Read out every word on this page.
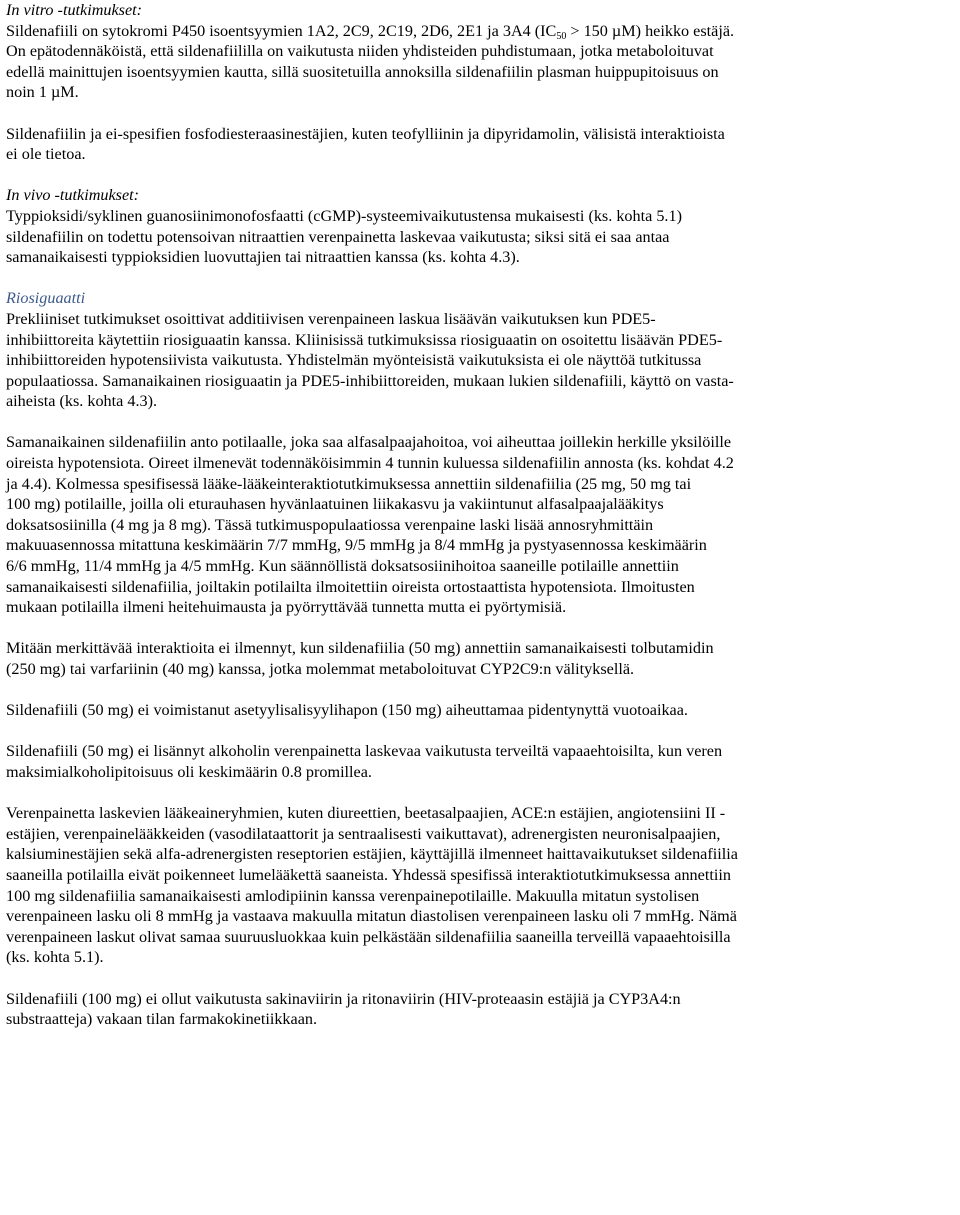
In vitro -tutkimukset:
Sildenafiili on sytokromi P450 isoentsyymien 1A2, 2C9, 2C19, 2D6, 2E1 ja 3A4 ($IC_{50} > 150$ µM) heikko estäjä.
On epätodennäköistä, että sildenafiililla on vaikutusta niiden yhdisteiden puhdistumaan, jotka metaboloituvat
edellä mainittujen isoentsyymien kautta, sillä suositetuilla annoksilla sildenafiilin plasman huippupitoisuus on
noin 1 µM.
Sildenafiilin ja ei-spesifien fosfodiesteraasinestäjien, kuten teofylliinin ja dipyridamolin, välisistä interaktioista
ei ole tietoa.
In vivo -tutkimukset:
Typpioksidi/syklinen guanosiinimonofosfaatti (cGMP)-systeemivaikutustensa mukaisesti (ks. kohta 5.1)
sildenafiilin on todettu potensoivan nitraattien verenpainetta laskevaa vaikutusta; siksi sitä ei saa antaa
samanaikaisesti typpioksidien luovuttajien tai nitraattien kanssa (ks. kohta 4.3).
Riosiguaatti
Prekliiniset tutkimukset osoittivat additiivisen verenpaineen laskua lisäävän vaikutuksen kun PDE5-
inhibiittoreita käytettiin riosiguaatin kanssa. Kliinisissä tutkimuksissa riosiguaatin on osoitettu lisäävän PDE5-
inhibiittoreiden hypotensiivista vaikutusta. Yhdistelmän myönteisistä vaikutuksista ei ole näyttöä tutkitussa
populaatiossa. Samanaikainen riosiguaatin ja PDE5-inhibiittoreiden, mukaan lukien sildenafiili, käyttö on vasta-
aiheista (ks. kohta 4.3).
Samanaikainen sildenafiilin anto potilaalle, joka saa alfasalpaajahoitoa, voi aiheuttaa joillekin herkille yksilöille
oireista hypotensiota. Oireet ilmenevät todennäköisimmin 4 tunnin kuluessa sildenafiilin annosta (ks. kohdat 4.2
ja 4.4). Kolmessa spesifisessä lääke-lääkeinteraktiotutkimuksessa annettiin sildenafiilia (25 mg, 50 mg tai
100 mg) potilaille, joilla oli eturauhasen hyvänlaatuinen liikakasvu ja vakiintunut alfasalpaajalääkitys
doksatsosiinilla (4 mg ja 8 mg). Tässä tutkimuspopulaatiossa verenpaine laski lisää annosryhmittäin
makuuasennossa mitattuna keskimäärin 7/7 mmHg, 9/5 mmHg ja 8/4 mmHg ja pystyasennossa keskimäärin
6/6 mmHg, 11/4 mmHg ja 4/5 mmHg. Kun säännöllistä doksatsosiinihoitoa saaneille potilaille annettiin
samanaikaisesti sildenafiilia, joiltakin potilailta ilmoitettiin oireista ortostaattista hypotensiota. Ilmoitusten
mukaan potilailla ilmeni heitehuimausta ja pyörryttävää tunnetta mutta ei pyörtymisiä.
Mitään merkittävää interaktioita ei ilmennyt, kun sildenafiilia (50 mg) annettiin samanaikaisesti tolbutamidin
(250 mg) tai varfariinin (40 mg) kanssa, jotka molemmat metaboloituvat CYP2C9:n välityksellä.
Sildenafiili (50 mg) ei voimistanut asetyylisalisyylihapon (150 mg) aiheuttamaa pidentynyttä vuotoaikaa.
Sildenafiili (50 mg) ei lisännyt alkoholin verenpainetta laskevaa vaikutusta terveiltä vapaaehtoisilta, kun veren
maksimialkoholipitoisuus oli keskimäärin 0.8 promillea.
Verenpainetta laskevien lääkeaineryhmien, kuten diureettien, beetasalpaajien, ACE:n estäjien, angiotensiini II -
estäjien, verenpainelääkkeiden (vasodilataattorit ja sentraalisesti vaikuttavat), adrenergisten neuronisalpaajien,
kalsiuminestäjien sekä alfa-adrenergisten reseptorien estäjien, käyttäjillä ilmenneet haittavaikutukset sildenafiilia
saaneilla potilailla eivät poikenneet lumelääkettä saaneista. Yhdessä spesifissä interaktiotutkimuksessa annettiin
100 mg sildenafiilia samanaikaisesti amlodipiinin kanssa verenpainepotilaille. Makuulla mitatun systolisen
verenpaineen lasku oli 8 mmHg ja vastaava makuulla mitatun diastolisen verenpaineen lasku oli 7 mmHg. Nämä
verenpaineen laskut olivat samaa suuruusluokkaa kuin pelkästään sildenafiilia saaneilla terveillä vapaaehtoisilla
(ks. kohta 5.1).
Sildenafiili (100 mg) ei ollut vaikutusta sakinaviirin ja ritonaviirin (HIV-proteaasin estäjiä ja CYP3A4:n
substraatteja) vakaan tilan farmakokinetiikkaan.
